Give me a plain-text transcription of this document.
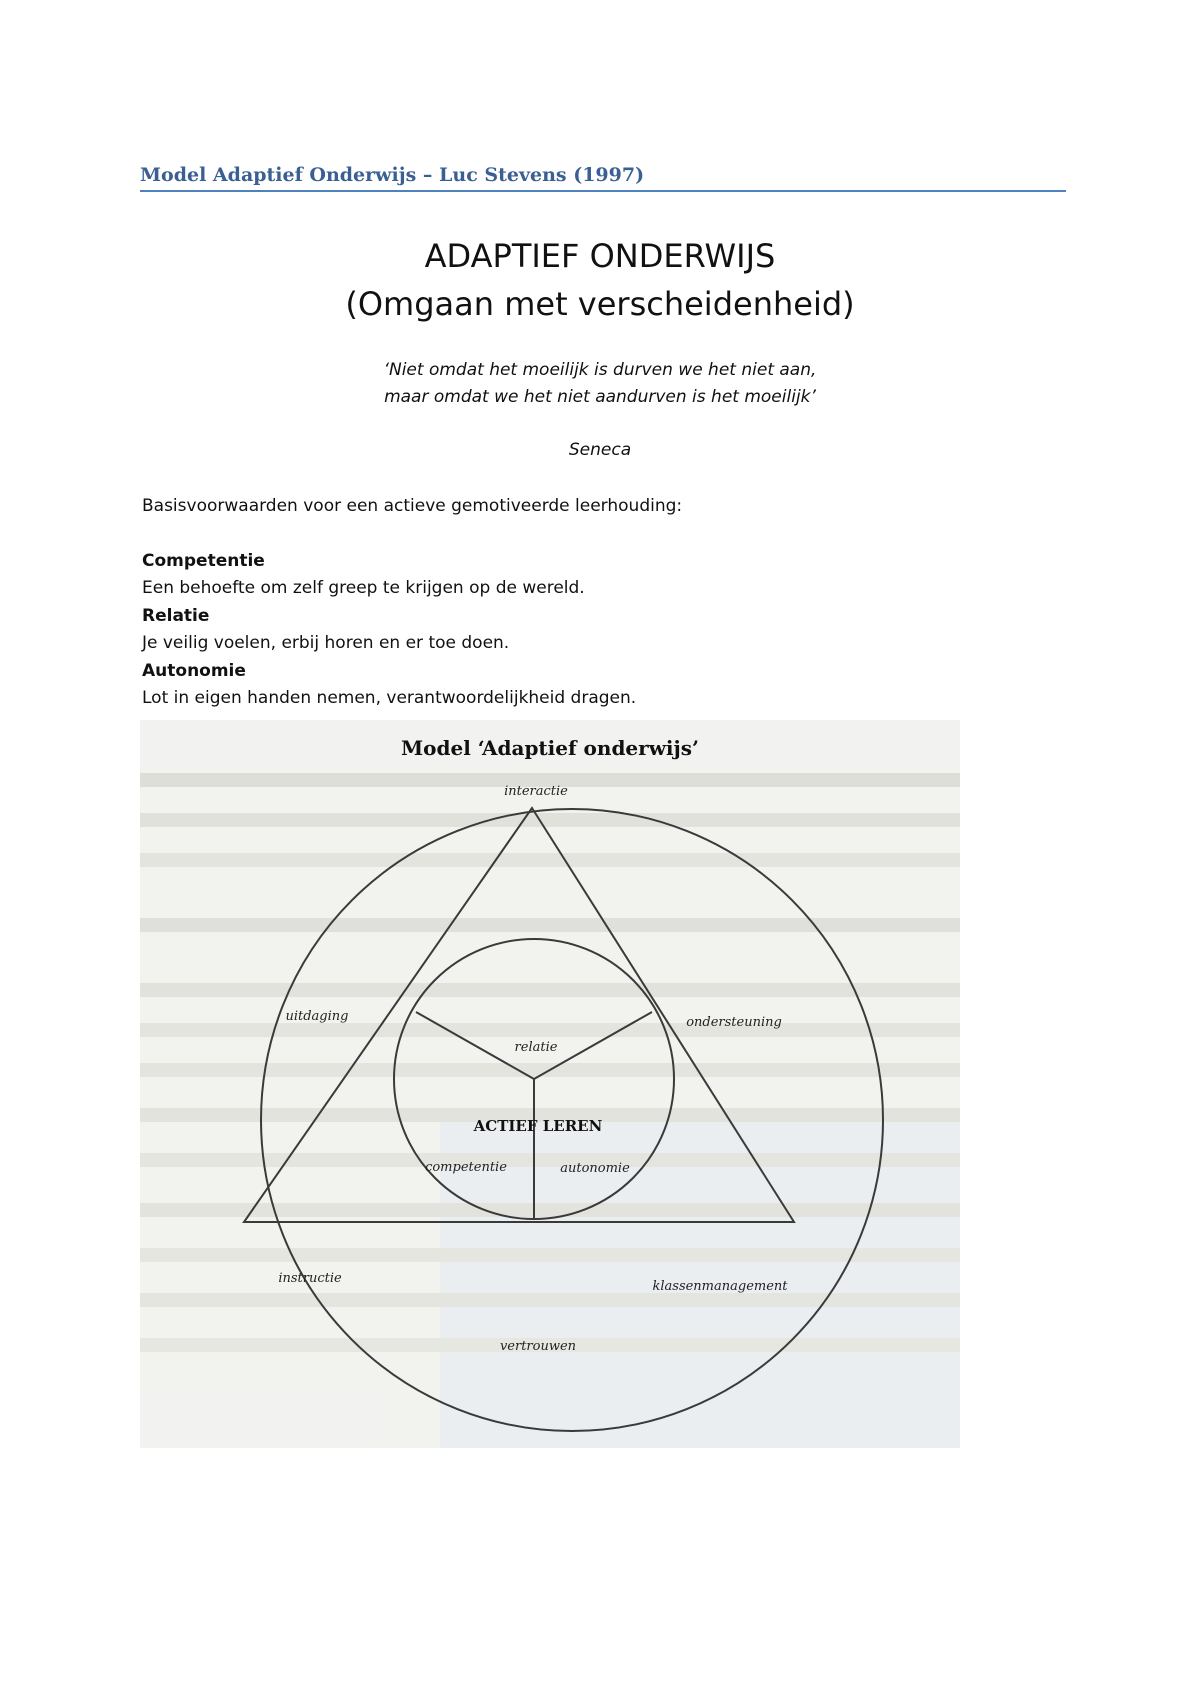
Model Adaptief Onderwijs – Luc Stevens (1997)
ADAPTIEF ONDERWIJS
(Omgaan met verscheidenheid)
‘Niet omdat het moeilijk is durven we het niet aan,
maar omdat we het niet aandurven is het moeilijk’
Seneca

Basisvoorwaarden voor een actieve gemotiveerde leerhouding:

Competentie

Een behoefte om zelf greep te krijgen op de wereld.

Relatie

Je veilig voelen, erbij horen en er toe doen.

Autonomie

Lot in eigen handen nemen, verantwoordelijkheid dragen.

Model ‘Adaptief onderwijs’
interactie
uitdaging	ondersteuning
relatie
ACTIEF LEREN
competentie	autonomie
instructie
klassenmanagement
vertrouwen
